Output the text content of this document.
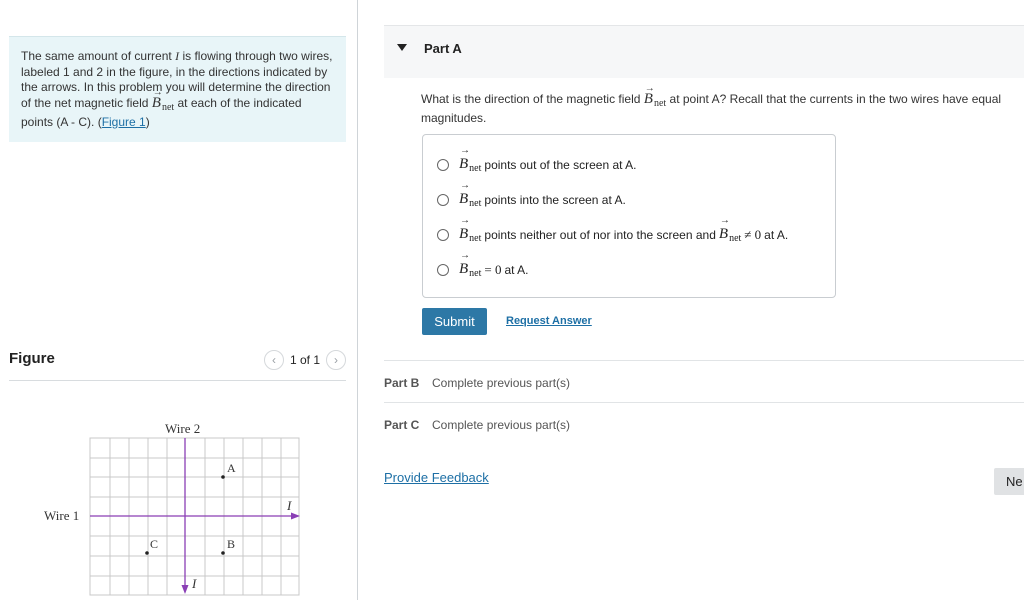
The same amount of current I is flowing through two wires, labeled 1 and 2 in the figure, in the directions indicated by the arrows. In this problem you will determine the direction of the net magnetic field → $B_{net}$ at each of the indicated points (A - C). (Figure 1)
Figure	‹	1 of 1	›
Wire 2
Wire 1
A
B
C
I
I
Part A
What is the direction of the magnetic field → $B_{net}$ at point A? Recall that the currents in the two wires have equal magnitudes.
→ $B_{net}$ points out of the screen at A.
→ $B_{net}$ points into the screen at A.
→ $B_{net}$ points neither out of nor into the screen and → $B_{net} \ne 0$ at A.
→ $B_{net} = 0$ at A.
Submit	Request Answer
Part B Complete previous part(s)
Part C Complete previous part(s)
Provide Feedback	Ne
